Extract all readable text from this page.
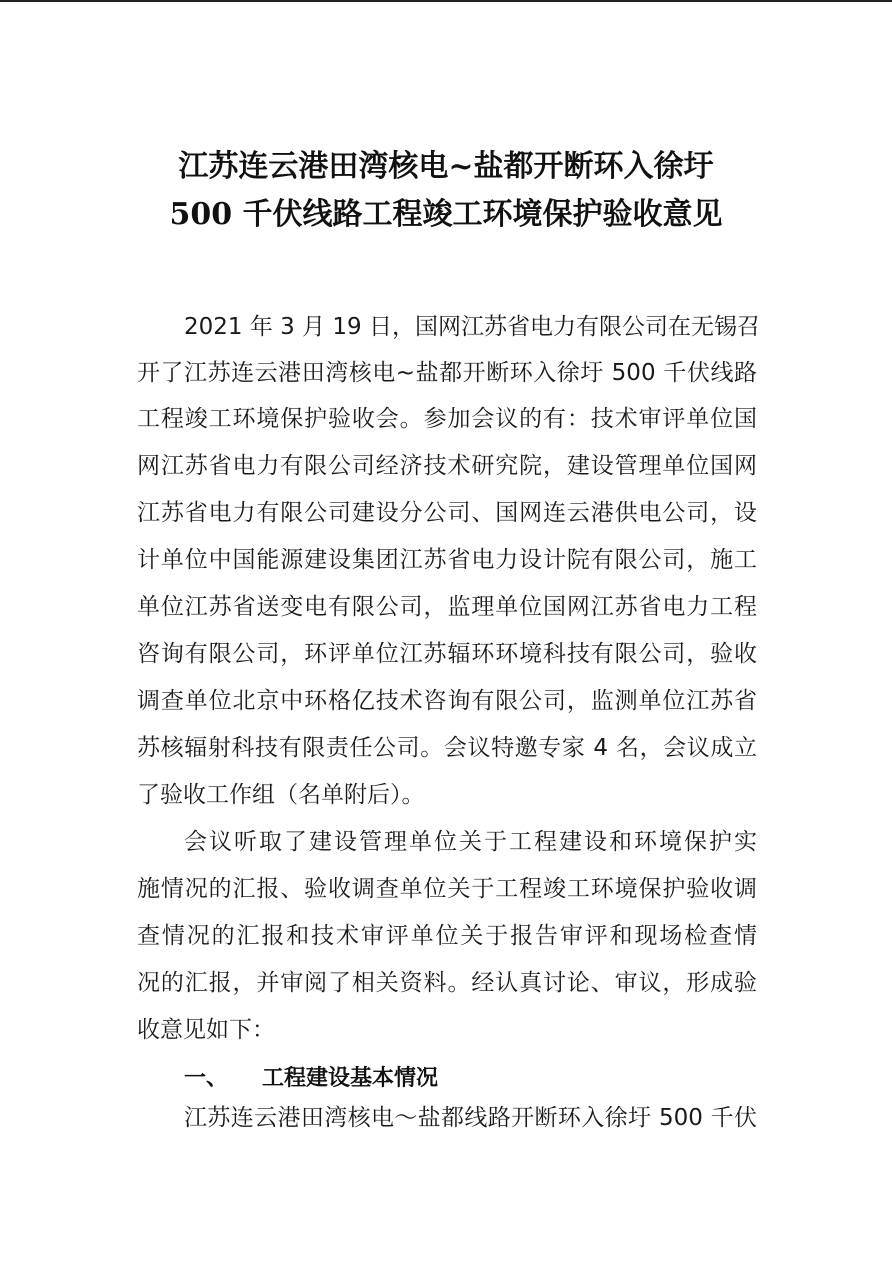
江苏连云港田湾核电~盐都开断环入徐圩
500 千伏线路工程竣工环境保护验收意见
2021 年 3 月 19 日，国网江苏省电力有限公司在无锡召
开了江苏连云港田湾核电~盐都开断环入徐圩 500 千伏线路
工程竣工环境保护验收会。参加会议的有：技术审评单位国
网江苏省电力有限公司经济技术研究院，建设管理单位国网
江苏省电力有限公司建设分公司、国网连云港供电公司，设
计单位中国能源建设集团江苏省电力设计院有限公司，施工
单位江苏省送变电有限公司，监理单位国网江苏省电力工程
咨询有限公司，环评单位江苏辐环环境科技有限公司，验收
调查单位北京中环格亿技术咨询有限公司，监测单位江苏省
苏核辐射科技有限责任公司。会议特邀专家 4 名，会议成立
了验收工作组（名单附后）。
会议听取了建设管理单位关于工程建设和环境保护实
施情况的汇报、验收调查单位关于工程竣工环境保护验收调
查情况的汇报和技术审评单位关于报告审评和现场检查情
况的汇报，并审阅了相关资料。经认真讨论、审议，形成验
收意见如下：
一、 工程建设基本情况
江苏连云港田湾核电～盐都线路开断环入徐圩 500 千伏
